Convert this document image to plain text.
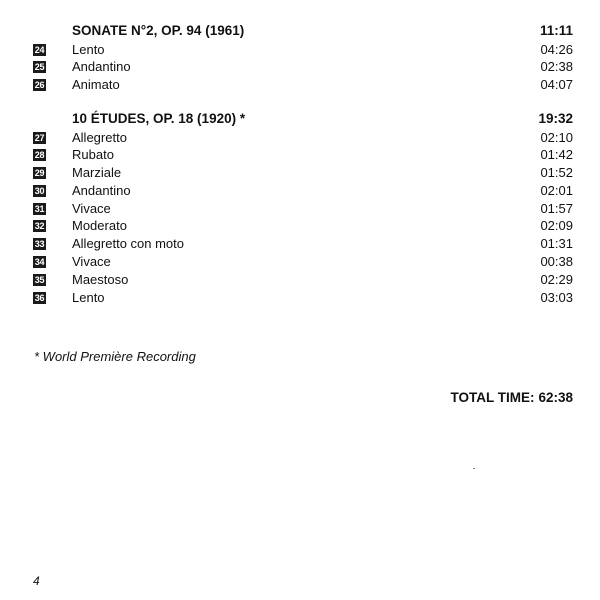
SONATE N°2, OP. 94 (1961)	11:11
24 Lento	04:26
25 Andantino	02:38
26 Animato	04:07
10 ÉTUDES, OP. 18 (1920) *	19:32
27 Allegretto	02:10
28 Rubato	01:42
29 Marziale	01:52
30 Andantino	02:01
31 Vivace	01:57
32 Moderato	02:09
33 Allegretto con moto	01:31
34 Vivace	00:38
35 Maestoso	02:29
36 Lento	03:03
* World Première Recording
TOTAL TIME: 62:38
4
